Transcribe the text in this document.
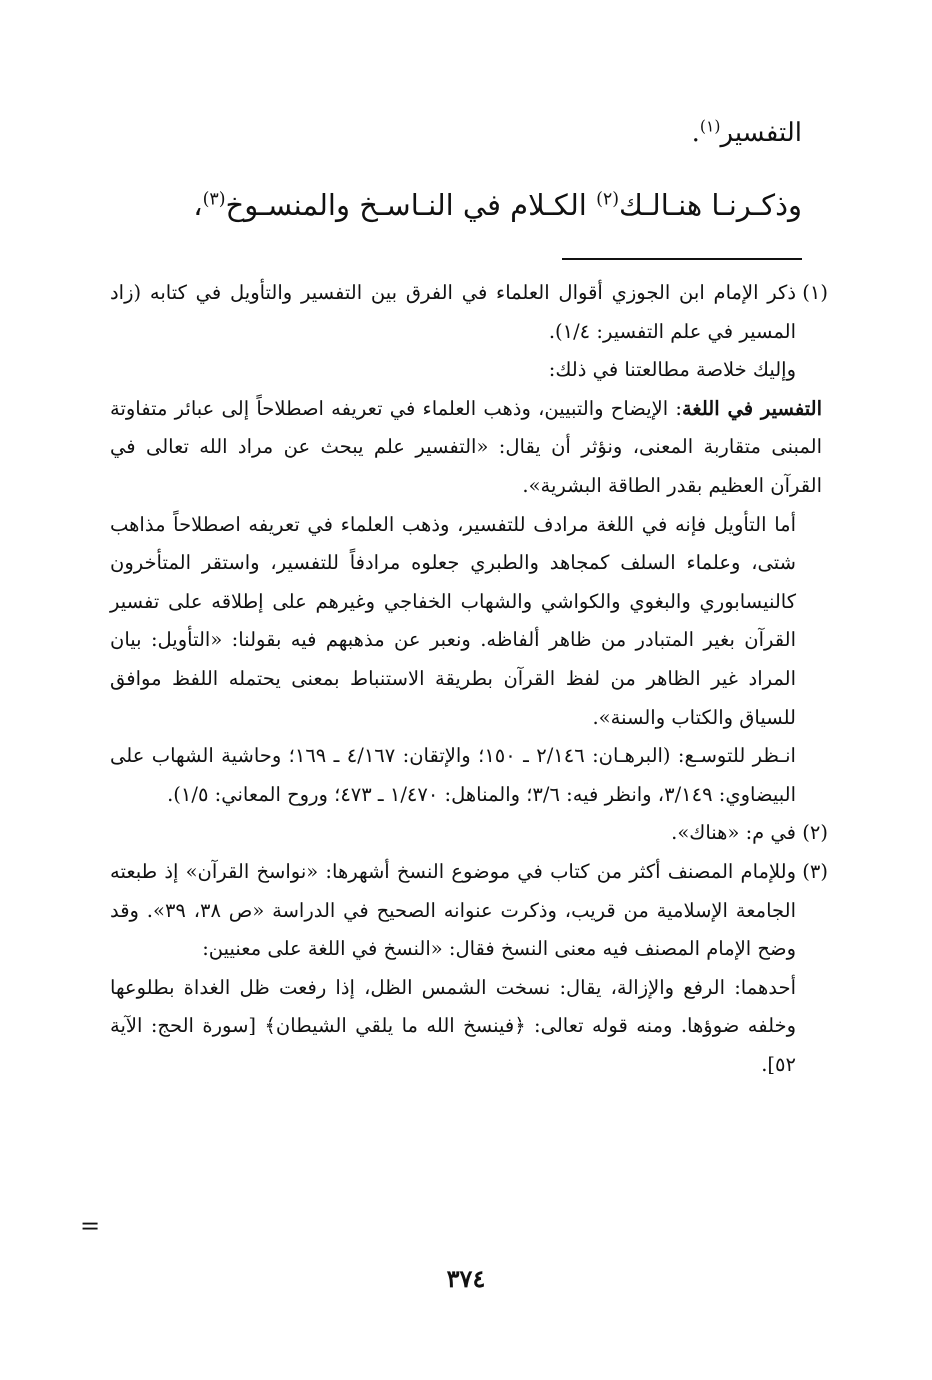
التفسير$^{(١)}$.
وذكـرنـا هنـالـك$^{(٢)}$ الكـلام في النـاسـخ والمنسـوخ$^{(٣)}$،
(١)

ذكر الإمام ابن الجوزي أقوال العلماء في الفرق بين التفسير والتأويل في كتابه (زاد المسير في علم التفسير: ١/٤).

وإليك خلاصة مطالعتنا في ذلك:

التفسير في اللغة: الإيضاح والتبيين، وذهب العلماء في تعريفه اصطلاحاً إلى عبائر متفاوتة المبنى متقاربة المعنى، ونؤثر أن يقال: «التفسير علم يبحث عن مراد الله تعالى في القرآن العظيم بقدر الطاقة البشرية».

أما التأويل فإنه في اللغة مرادف للتفسير، وذهب العلماء في تعريفه اصطلاحاً مذاهب شتى، وعلماء السلف كمجاهد والطبري جعلوه مرادفاً للتفسير، واستقر المتأخرون كالنيسابوري والبغوي والكواشي والشهاب الخفاجي وغيرهم على إطلاقه على تفسير القرآن بغير المتبادر من ظاهر ألفاظه. ونعبر عن مذهبهم فيه بقولنا: «التأويل: بيان المراد غير الظاهر من لفظ القرآن بطريقة الاستنباط بمعنى يحتمله اللفظ موافق للسياق والكتاب والسنة».

انـظر للتوسـع: (البرهـان: ٢/١٤٦ ـ ١٥٠؛ والإتقان: ٤/١٦٧ ـ ١٦٩؛ وحاشية الشهاب على البيضاوي: ٣/١٤٩، وانظر فيه: ٣/٦؛ والمناهل: ١/٤٧٠ ـ ٤٧٣؛ وروح المعاني: ١/٥).

(٢)

في م: «هناك».

(٣)

وللإمام المصنف أكثر من كتاب في موضوع النسخ أشهرها: «نواسخ القرآن» إذ طبعته الجامعة الإسلامية من قريب، وذكرت عنوانه الصحيح في الدراسة «ص ٣٨، ٣٩». وقد وضح الإمام المصنف فيه معنى النسخ فقال: «النسخ في اللغة على معنيين:

أحدهما: الرفع والإزالة، يقال: نسخت الشمس الظل، إذا رفعت ظل الغداة بطلوعها وخلفه ضوؤها. ومنه قوله تعالى: ﴿فينسخ الله ما يلقي الشيطان﴾ [سورة الحج: الآية ٥٢].

=
٣٧٤
